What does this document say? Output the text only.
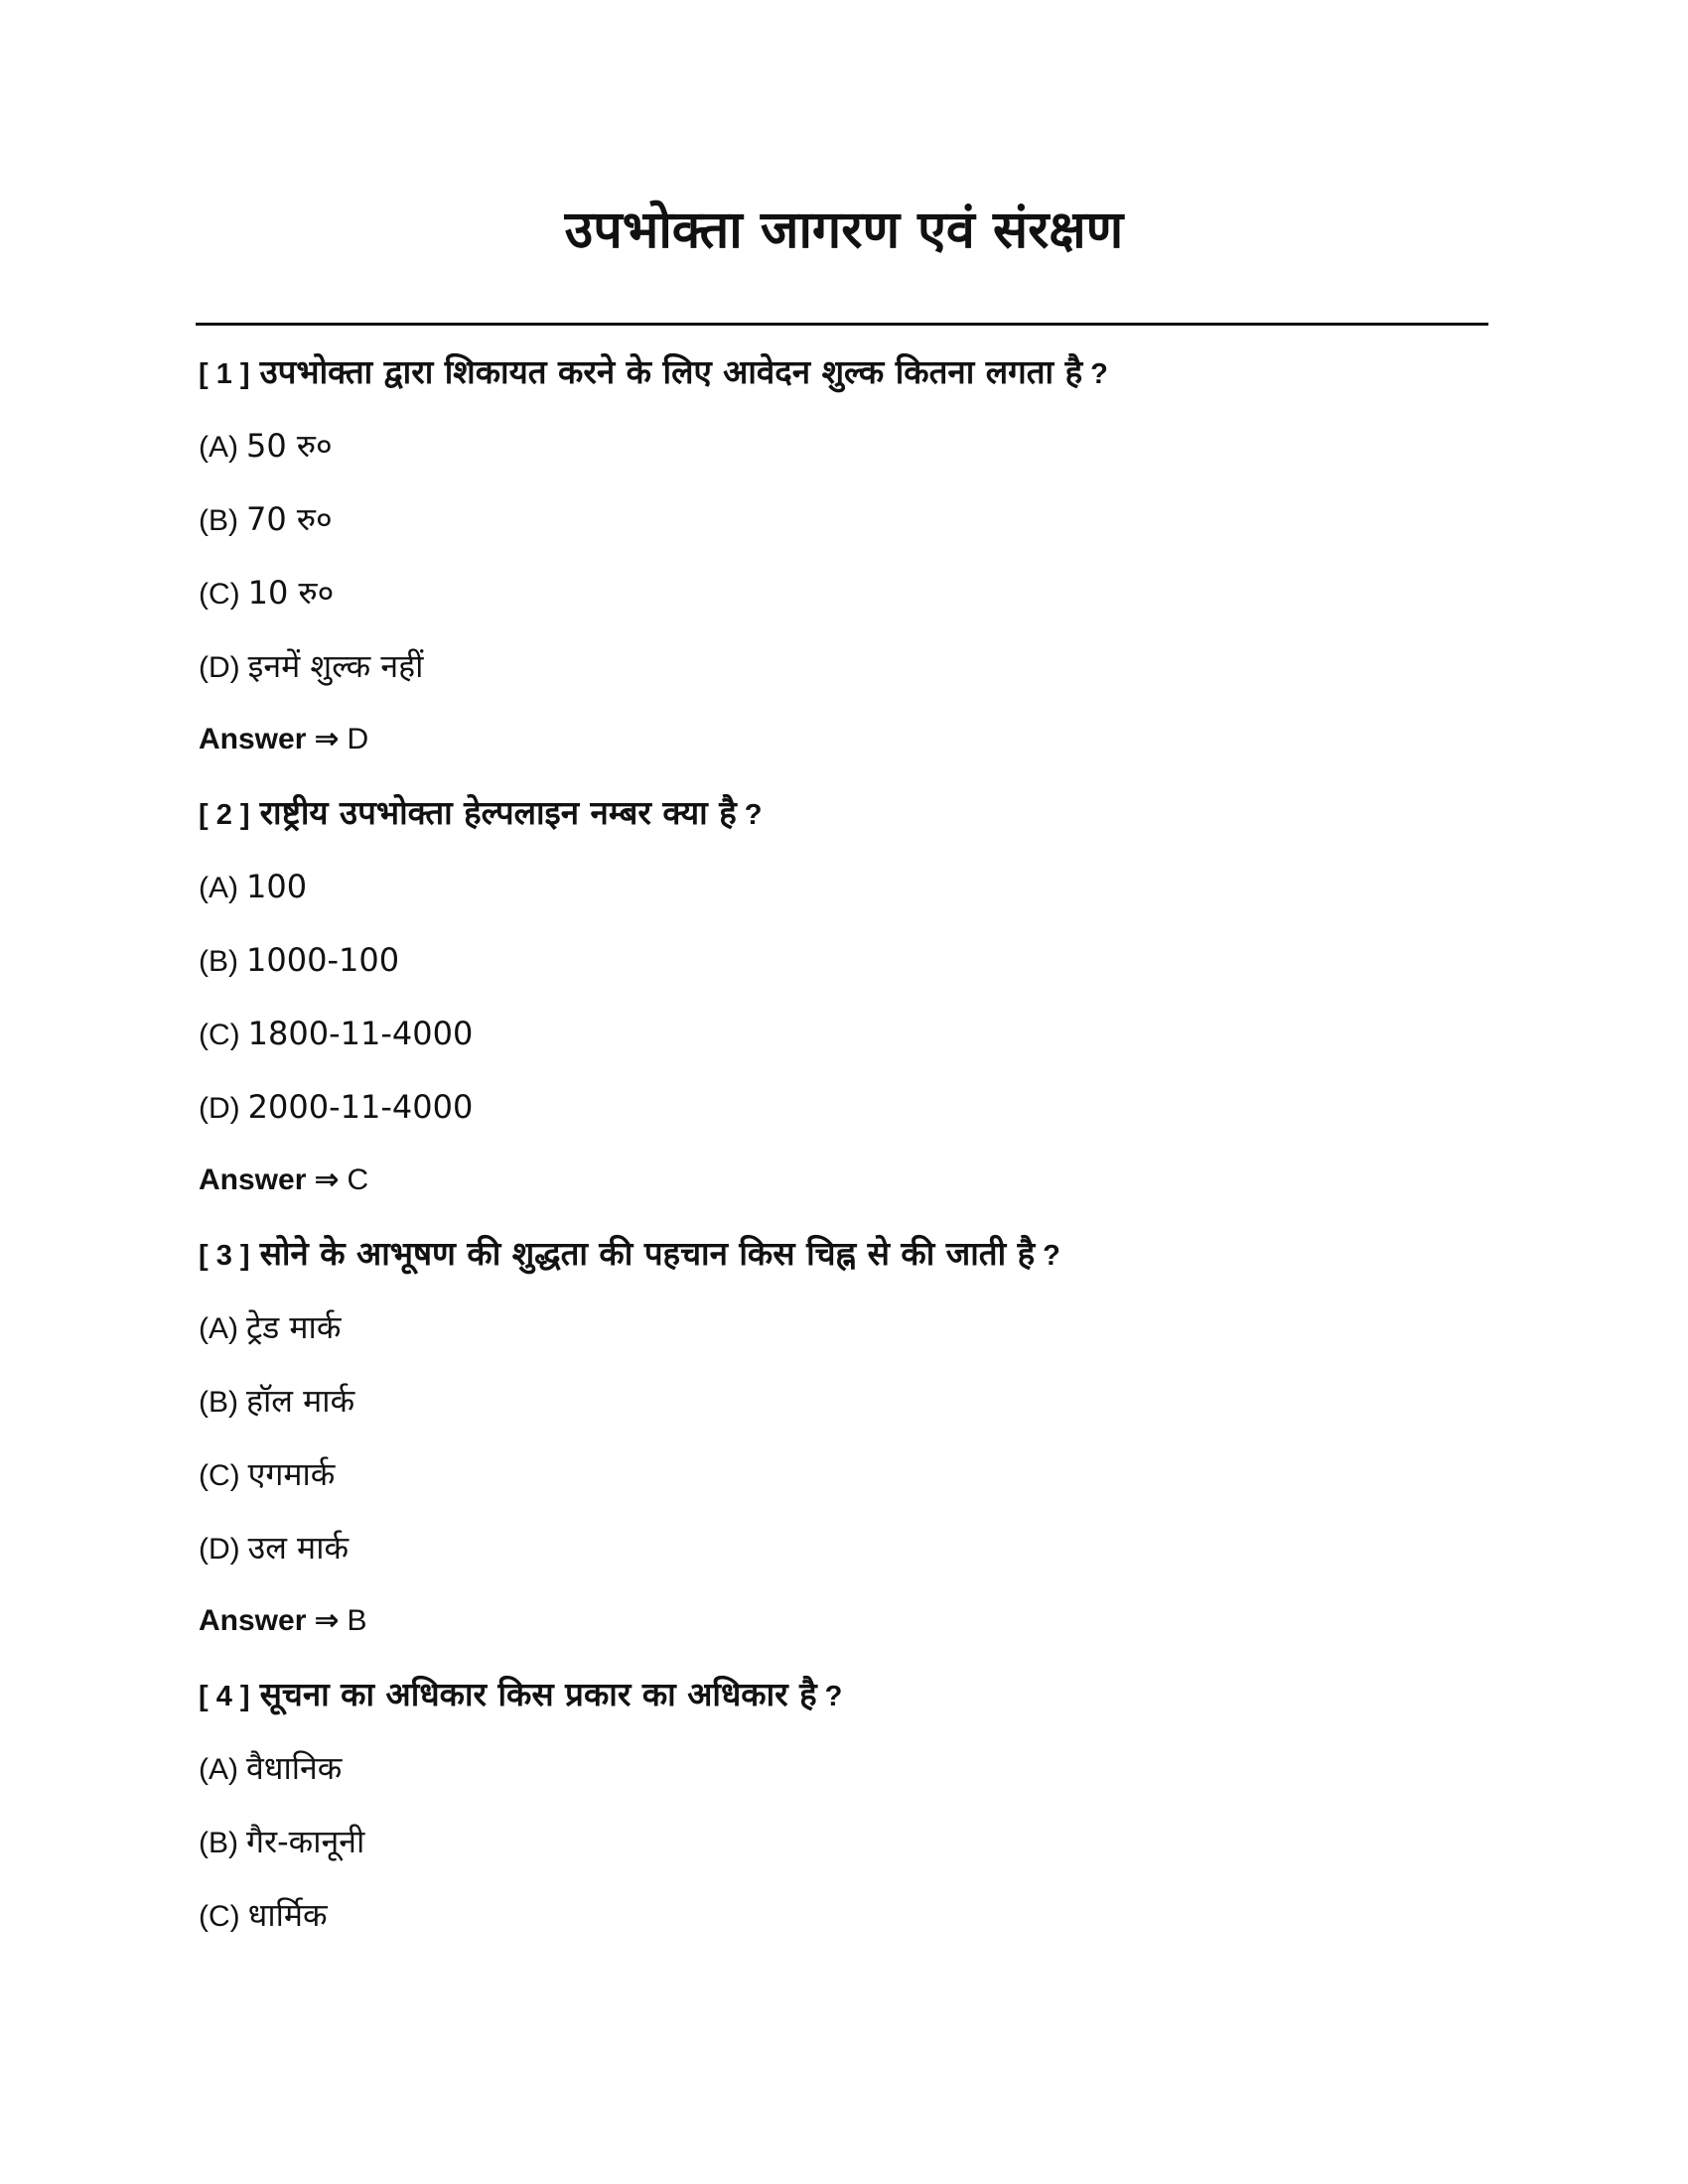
उपभोक्ता जागरण एवं संरक्षण
[ 1 ] उपभोक्ता द्वारा शिकायत करने के लिए आवेदन शुल्क कितना लगता है ?
(A) 50 रु०
(B) 70 रु०
(C) 10 रु०
(D) इनमें शुल्क नहीं
Answer ⇒ D
[ 2 ] राष्ट्रीय उपभोक्ता हेल्पलाइन नम्बर क्या है ?
(A) 100
(B) 1000-100
(C) 1800-11-4000
(D) 2000-11-4000
Answer ⇒ C
[ 3 ] सोने के आभूषण की शुद्धता की पहचान किस चिह्न से की जाती है ?
(A) ट्रेड मार्क
(B) हॉल मार्क
(C) एगमार्क
(D) उल मार्क
Answer ⇒ B
[ 4 ] सूचना का अधिकार किस प्रकार का अधिकार है ?
(A) वैधानिक
(B) गैर-कानूनी
(C) धार्मिक
